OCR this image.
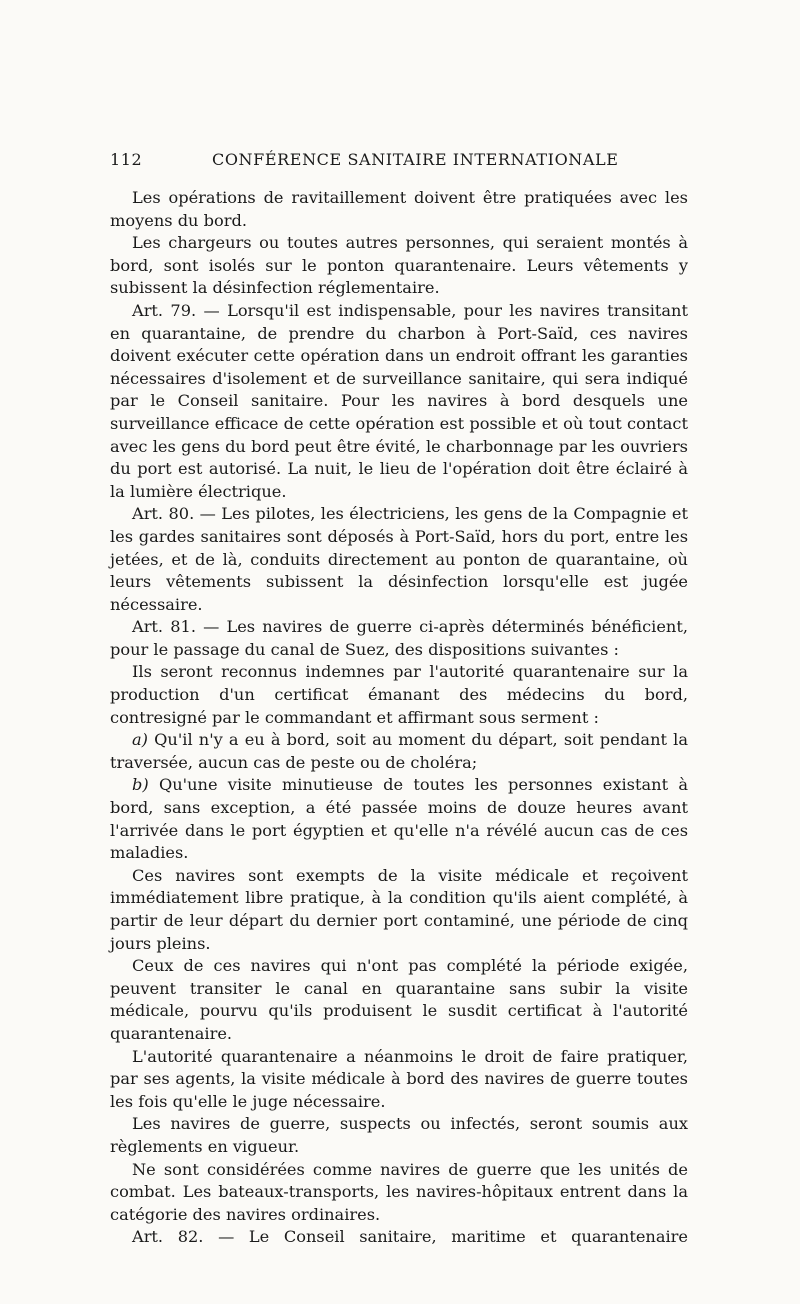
112	CONFÉRENCE SANITAIRE INTERNATIONALE

Les opérations de ravitaillement doivent être pratiquées avec les moyens du bord.

Les chargeurs ou toutes autres personnes, qui seraient montés à bord, sont isolés sur le ponton quarantenaire. Leurs vêtements y subissent la désinfection réglementaire.

Art. 79. — Lorsqu'il est indispensable, pour les navires transitant en quarantaine, de prendre du charbon à Port-Saïd, ces navires doivent exécuter cette opération dans un endroit offrant les garanties nécessaires d'isolement et de surveillance sanitaire, qui sera indiqué par le Conseil sanitaire. Pour les navires à bord desquels une surveillance efficace de cette opération est possible et où tout contact avec les gens du bord peut être évité, le charbonnage par les ouvriers du port est autorisé. La nuit, le lieu de l'opération doit être éclairé à la lumière électrique.

Art. 80. — Les pilotes, les électriciens, les gens de la Compagnie et les gardes sanitaires sont déposés à Port-Saïd, hors du port, entre les jetées, et de là, conduits directement au ponton de quarantaine, où leurs vêtements subissent la désinfection lorsqu'elle est jugée nécessaire.

Art. 81. — Les navires de guerre ci-après déterminés bénéficient, pour le passage du canal de Suez, des dispositions suivantes :

Ils seront reconnus indemnes par l'autorité quarantenaire sur la production d'un certificat émanant des médecins du bord, contresigné par le commandant et affirmant sous serment :

a) Qu'il n'y a eu à bord, soit au moment du départ, soit pendant la traversée, aucun cas de peste ou de choléra;

b) Qu'une visite minutieuse de toutes les personnes existant à bord, sans exception, a été passée moins de douze heures avant l'arrivée dans le port égyptien et qu'elle n'a révélé aucun cas de ces maladies.

Ces navires sont exempts de la visite médicale et reçoivent immédiatement libre pratique, à la condition qu'ils aient complété, à partir de leur départ du dernier port contaminé, une période de cinq jours pleins.

Ceux de ces navires qui n'ont pas complété la période exigée, peuvent transiter le canal en quarantaine sans subir la visite médicale, pourvu qu'ils produisent le susdit certificat à l'autorité quarantenaire.

L'autorité quarantenaire a néanmoins le droit de faire pratiquer, par ses agents, la visite médicale à bord des navires de guerre toutes les fois qu'elle le juge nécessaire.

Les navires de guerre, suspects ou infectés, seront soumis aux règlements en vigueur.

Ne sont considérées comme navires de guerre que les unités de combat. Les bateaux-transports, les navires-hôpitaux entrent dans la catégorie des navires ordinaires.

Art. 82. — Le Conseil sanitaire, maritime et quarantenaire
